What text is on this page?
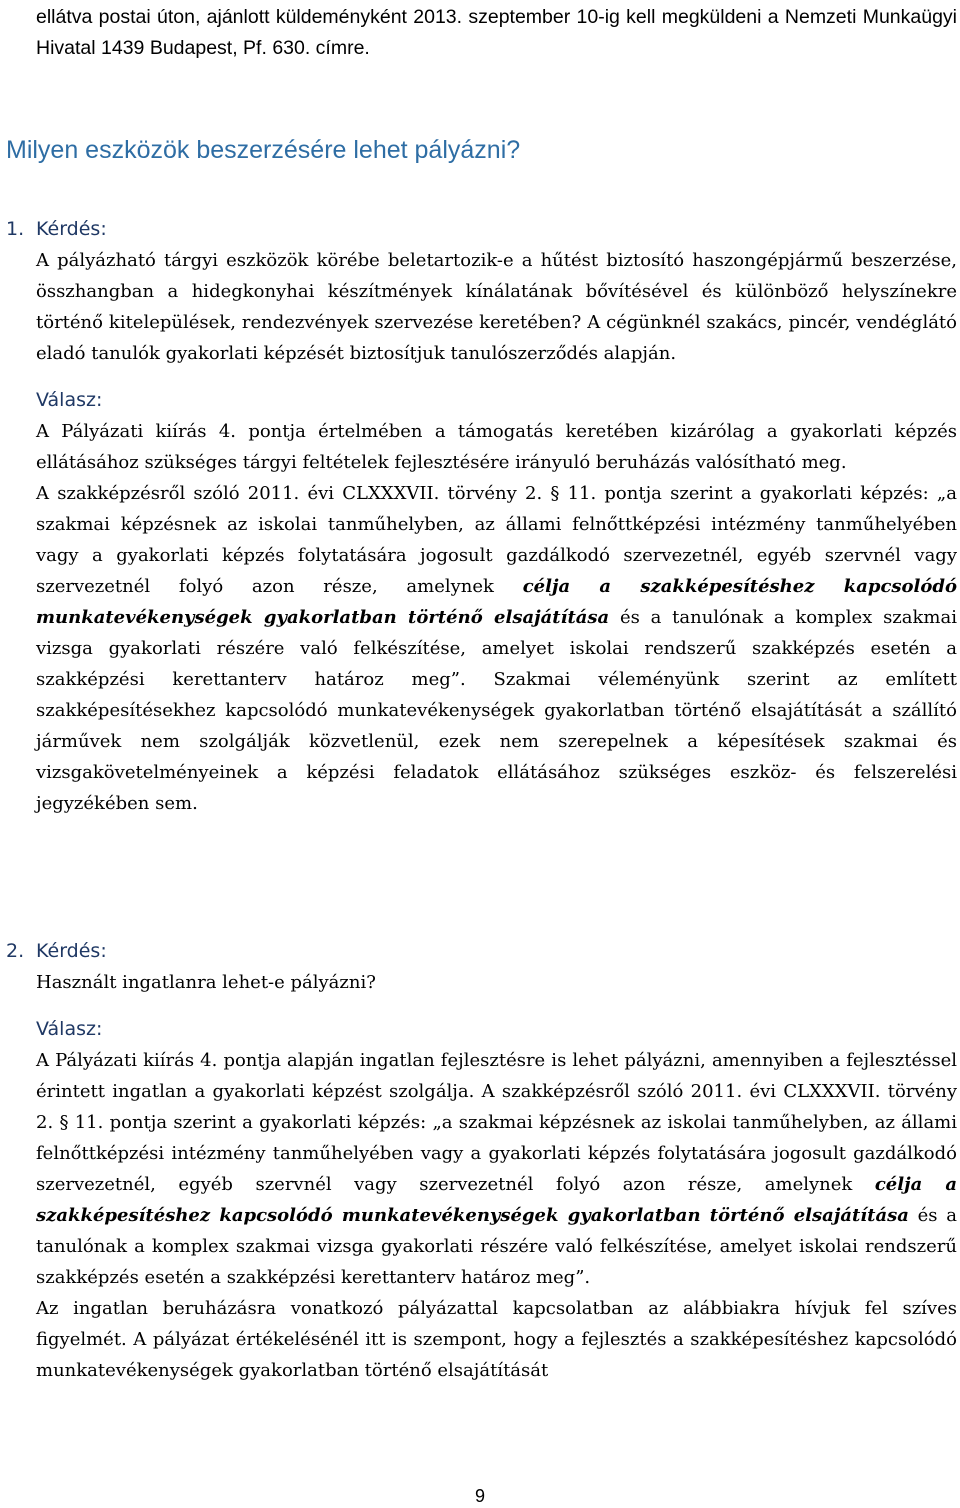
ellátva postai úton, ajánlott küldeményként 2013. szeptember 10-ig kell megküldeni a Nemzeti Munkaügyi Hivatal 1439 Budapest, Pf. 630. címre.

Milyen eszközök beszerzésére lehet pályázni?
1. Kérdés:

A pályázható tárgyi eszközök körébe beletartozik-e a hűtést biztosító haszongépjármű beszerzése, összhangban a hidegkonyhai készítmények kínálatának bővítésével és különböző helyszínekre történő kitelepülések, rendezvények szervezése keretében? A cégünknél szakács, pincér, vendéglátó eladó tanulók gyakorlati képzését biztosítjuk tanulószerződés alapján.

Válasz:

A Pályázati kiírás 4. pontja értelmében a támogatás keretében kizárólag a gyakorlati képzés ellátásához szükséges tárgyi feltételek fejlesztésére irányuló beruházás valósítható meg.

A szakképzésről szóló 2011. évi CLXXXVII. törvény 2. § 11. pontja szerint a gyakorlati képzés: „a szakmai képzésnek az iskolai tanműhelyben, az állami felnőttképzési intézmény tanműhelyében vagy a gyakorlati képzés folytatására jogosult gazdálkodó szervezetnél, egyéb szervnél vagy szervezetnél folyó azon része, amelynek célja a szakképesítéshez kapcsolódó munkatevékenységek gyakorlatban történő elsajátítása és a tanulónak a komplex szakmai vizsga gyakorlati részére való felkészítése, amelyet iskolai rendszerű szakképzés esetén a szakképzési kerettanterv határoz meg”. Szakmai véleményünk szerint az említett szakképesítésekhez kapcsolódó munkatevékenységek gyakorlatban történő elsajátítását a szállító járművek nem szolgálják közvetlenül, ezek nem szerepelnek a képesítések szakmai és vizsgakövetelményeinek a képzési feladatok ellátásához szükséges eszköz- és felszerelési jegyzékében sem.

2. Kérdés:

Használt ingatlanra lehet-e pályázni?

Válasz:

A Pályázati kiírás 4. pontja alapján ingatlan fejlesztésre is lehet pályázni, amennyiben a fejlesztéssel érintett ingatlan a gyakorlati képzést szolgálja. A szakképzésről szóló 2011. évi CLXXXVII. törvény 2. § 11. pontja szerint a gyakorlati képzés: „a szakmai képzésnek az iskolai tanműhelyben, az állami felnőttképzési intézmény tanműhelyében vagy a gyakorlati képzés folytatására jogosult gazdálkodó szervezetnél, egyéb szervnél vagy szervezetnél folyó azon része, amelynek célja a szakképesítéshez kapcsolódó munkatevékenységek gyakorlatban történő elsajátítása és a tanulónak a komplex szakmai vizsga gyakorlati részére való felkészítése, amelyet iskolai rendszerű szakképzés esetén a szakképzési kerettanterv határoz meg”.

Az ingatlan beruházásra vonatkozó pályázattal kapcsolatban az alábbiakra hívjuk fel szíves figyelmét. A pályázat értékelésénél itt is szempont, hogy a fejlesztés a szakképesítéshez kapcsolódó munkatevékenységek gyakorlatban történő elsajátítását

9
